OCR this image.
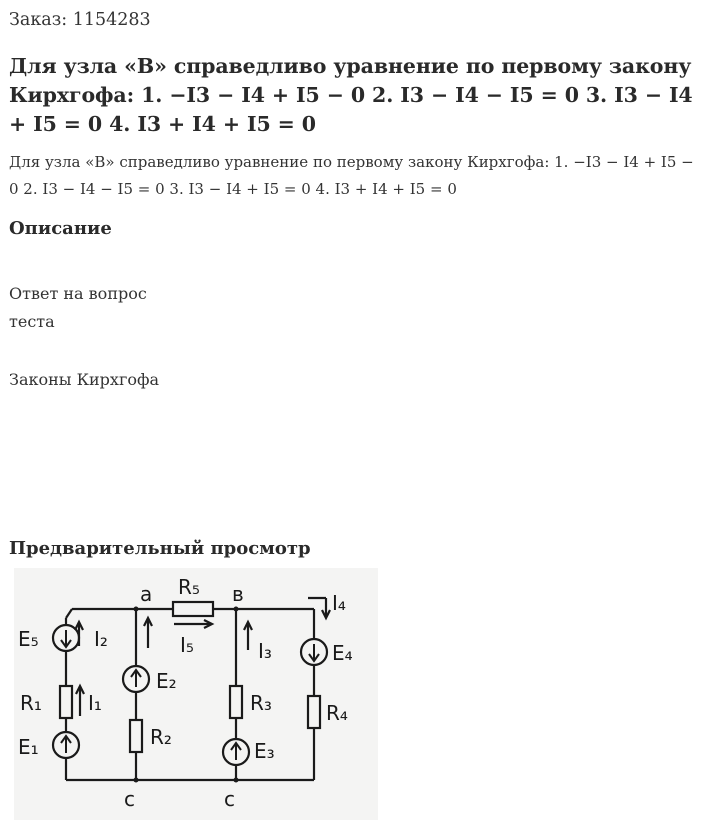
Заказ: 1154283
Для узла «В» справедливо уравнение по первому закону Кирхгофа: 1. −I3 − I4 + I5 − 0 2. I3 − I4 − I5 = 0 3. I3 − I4 + I5 = 0 4. I3 + I4 + I5 = 0
Для узла «В» справедливо уравнение по первому закону Кирхгофа: 1. −I3 − I4 + I5 − 0 2. I3 − I4 − I5 = 0 3. I3 − I4 + I5 = 0 4. I3 + I4 + I5 = 0
Описание
Ответ на вопрос
теста
Законы Кирхгофа
Предварительный просмотр
a	в
c	c
R₅
I₅
I₄
E₅	I₂	I₃	E₄
E₂
R₁ I₁	R₃	R₄
E₁	R₂
E₃
